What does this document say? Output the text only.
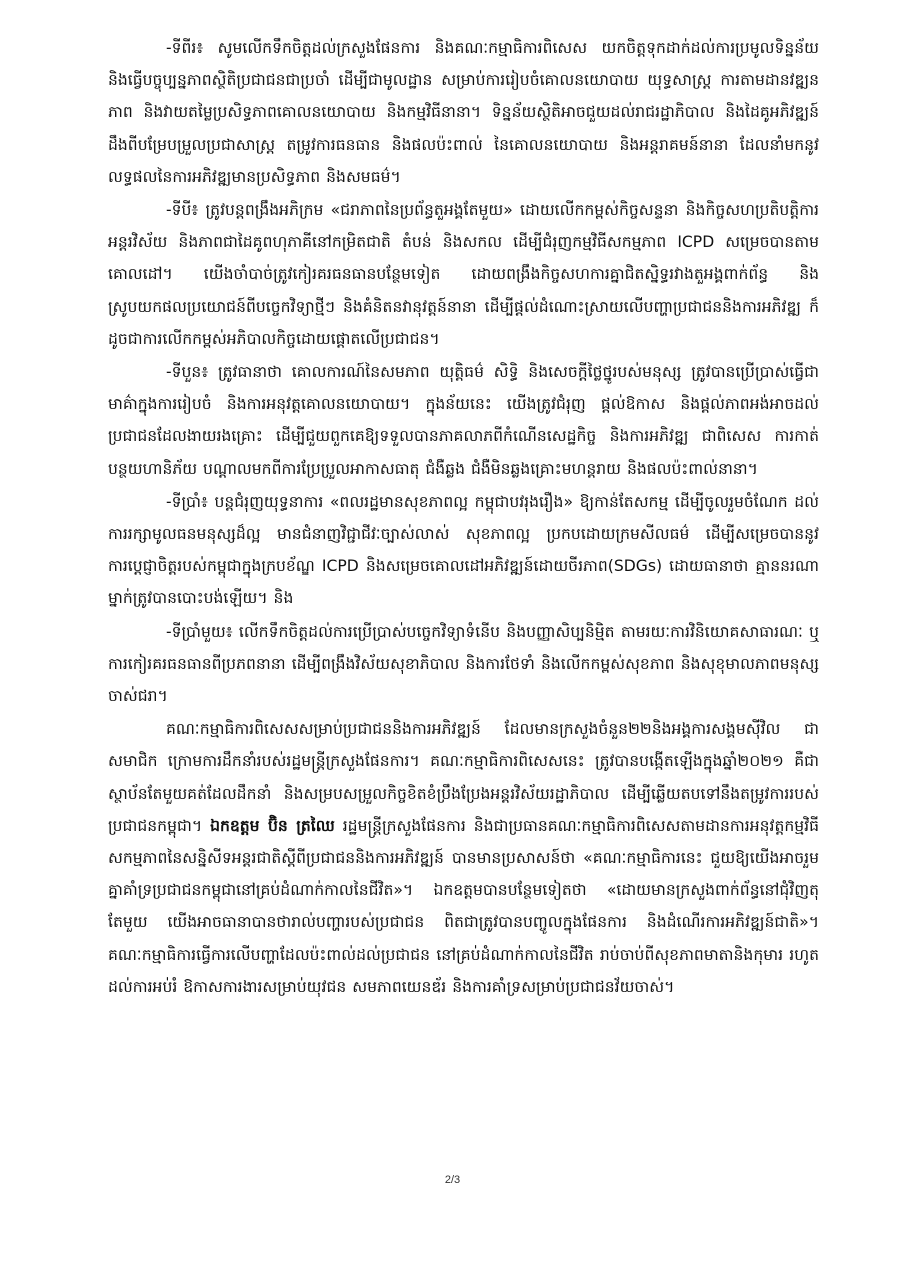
-ទីពីរ៖ សូមលើកទឹកចិត្តដល់ក្រសួងផែនការ និងគណៈកម្មាធិការពិសេស យកចិត្តទុកដាក់ដល់ការប្រមូលទិន្នន័យ និងធ្វើបច្ចុប្បន្នភាពស្ថិតិប្រជាជនជាប្រចាំ ដើម្បីជាមូលដ្ឋាន សម្រាប់ការរៀបចំគោលនយោបាយ យុទ្ធសាស្ត្រ ការតាមដានវឌ្ឍនភាព និងវាយតម្លៃប្រសិទ្ធភាពគោលនយោបាយ និងកម្មវិធីនានា។ ទិន្នន័យស្ថិតិអាចជួយដល់រាជរដ្ឋាភិបាល និងដៃគូអភិវឌ្ឍន៍ដឹងពីបម្រែបម្រួលប្រជាសាស្ត្រ តម្រូវការធនធាន និងផលប៉ះពាល់ នៃគោលនយោបាយ និងអន្តរាគមន៍នានា ដែលនាំមកនូវលទ្ធផលនៃការអភិវឌ្ឍមានប្រសិទ្ធភាព និងសមធម៌។

-ទីបី៖ ត្រូវបន្តពង្រឹងអភិក្រម «ជរាភាពនៃប្រព័ន្ធតួអង្គតែមួយ» ដោយលើកកម្ពស់កិច្ចសន្ទនា និងកិច្ចសហប្រតិបត្តិការអន្តរវិស័យ និងភាពជាដៃគូពហុភាគីនៅកម្រិតជាតិ តំបន់ និងសកល ដើម្បីជំរុញកម្មវិធីសកម្មភាព ICPD សម្រេចបានតាមគោលដៅ។ យើងចាំបាច់ត្រូវកៀរគរធនធានបន្ថែមទៀត ដោយពង្រឹងកិច្ចសហការគ្នាជិតស្និទ្ធរវាងតួអង្គពាក់ព័ន្ធ និងស្រូបយកផលប្រយោជន៍ពីបច្ចេកវិទ្យាថ្មីៗ និងគំនិតនវានុវត្តន៍នានា ដើម្បីផ្តល់ដំណោះស្រាយលើបញ្ហាប្រជាជននិងការអភិវឌ្ឍ ក៏ដូចជាការលើកកម្ពស់អភិបាលកិច្ចដោយផ្តោតលើប្រជាជន។

-ទីបួន៖ ត្រូវធានាថា គោលការណ៍នៃសមភាព យុត្តិធម៌ សិទ្ធិ និងសេចក្តីថ្លៃថ្នូរបស់មនុស្ស ត្រូវបានប្រើប្រាស់ធ្វើជាមាគ៌ាក្នុងការរៀបចំ និងការអនុវត្តគោលនយោបាយ។ ក្នុងន័យនេះ យើងត្រូវជំរុញ ផ្តល់ឱកាស និងផ្តល់ភាពអង់អាចដល់ប្រជាជនដែលងាយរងគ្រោះ ដើម្បីជួយពួកគេឱ្យទទួលបានភាគលាភពីកំណើនសេដ្ឋកិច្ច និងការអភិវឌ្ឍ ជាពិសេស ការកាត់បន្ថយហានិភ័យ បណ្តាលមកពីការប្រែប្រួលអាកាសធាតុ ជំងឺឆ្លង ជំងឺមិនឆ្លងគ្រោះមហន្តរាយ និងផលប៉ះពាល់នានា។

-ទីប្រាំ៖ បន្តជំរុញយុទ្ធនាការ «ពលរដ្ឋមានសុខភាពល្អ កម្ពុជាបវរុងរឿង» ឱ្យកាន់តែសកម្ម ដើម្បីចូលរួមចំណែក ដល់ការរក្សាមូលធនមនុស្សដ៏ល្អ មានជំនាញវិជ្ជាជីវៈច្បាស់លាស់ សុខភាពល្អ ប្រកបដោយក្រមសីលធម៌ ដើម្បីសម្រេចបាននូវការប្តេជ្ញាចិត្តរបស់កម្ពុជាក្នុងក្របខ័ណ្ឌ ICPD និងសម្រេចគោលដៅអភិវឌ្ឍន៍ដោយចីរភាព(SDGs) ដោយធានាថា គ្មាននរណាម្នាក់ត្រូវបានបោះបង់ឡើយ។ និង

-ទីប្រាំមួយ៖ លើកទឹកចិត្តដល់ការប្រើប្រាស់បច្ចេកវិទ្យាទំនើប និងបញ្ញាសិប្បនិម្មិត តាមរយៈការវិនិយោគសាធារណៈ ឬការកៀរគរធនធានពីប្រភពនានា ដើម្បីពង្រឹងវិស័យសុខាភិបាល និងការថែទាំ និងលើកកម្ពស់សុខភាព និងសុខុមាលភាពមនុស្សចាស់ជរា។

គណៈកម្មាធិការពិសេសសម្រាប់ប្រជាជននិងការអភិវឌ្ឍន៍ ដែលមានក្រសួងចំនួន២២និងអង្គការសង្គមស៊ីវិល ជាសមាជិក ក្រោមការដឹកនាំរបស់រដ្ឋមន្ត្រីក្រសួងផែនការ។ គណៈកម្មាធិការពិសេសនេះ ត្រូវបានបង្កើតឡើងក្នុងឆ្នាំ២០២១ គឺជាស្ថាប័នតែមួយគត់ដែលដឹកនាំ និងសម្របសម្រួលកិច្ចខិតខំប្រឹងប្រែងអន្តរវិស័យរដ្ឋាភិបាល ដើម្បីឆ្លើយតបទៅនឹងតម្រូវការរបស់ប្រជាជនកម្ពុជា។ ឯកឧត្តម ប៊ិន ត្រឈៃ រដ្ឋមន្ត្រីក្រសួងផែនការ និងជាប្រធានគណៈកម្មាធិការពិសេសតាមដានការអនុវត្តកម្មវិធីសកម្មភាពនៃសន្និសីទអន្តរជាតិស្តីពីប្រជាជននិងការអភិវឌ្ឍន៍ បានមានប្រសាសន៍ថា «គណៈកម្មាធិការនេះ ជួយឱ្យយើងអាចរួមគ្នាគាំទ្រប្រជាជនកម្ពុជានៅគ្រប់ដំណាក់កាលនៃជីវិត»។ ឯកឧត្តមបានបន្ថែមទៀតថា «ដោយមានក្រសួងពាក់ព័ន្ធនៅជុំវិញតុតែមួយ យើងអាចធានាបានថារាល់បញ្ហារបស់ប្រជាជន ពិតជាត្រូវបានបញ្ចូលក្នុងផែនការ និងដំណើរការអភិវឌ្ឍន៍ជាតិ»។ គណៈកម្មាធិការធ្វើការលើបញ្ហាដែលប៉ះពាល់ដល់ប្រជាជន នៅគ្រប់ដំណាក់កាលនៃជីវិត រាប់ចាប់ពីសុខភាពមាតានិងកុមារ រហូតដល់ការអប់រំ ឱកាសការងារសម្រាប់យុវជន សមភាពយេនឌ័រ និងការគាំទ្រសម្រាប់ប្រជាជនវ័យចាស់។

2/3
